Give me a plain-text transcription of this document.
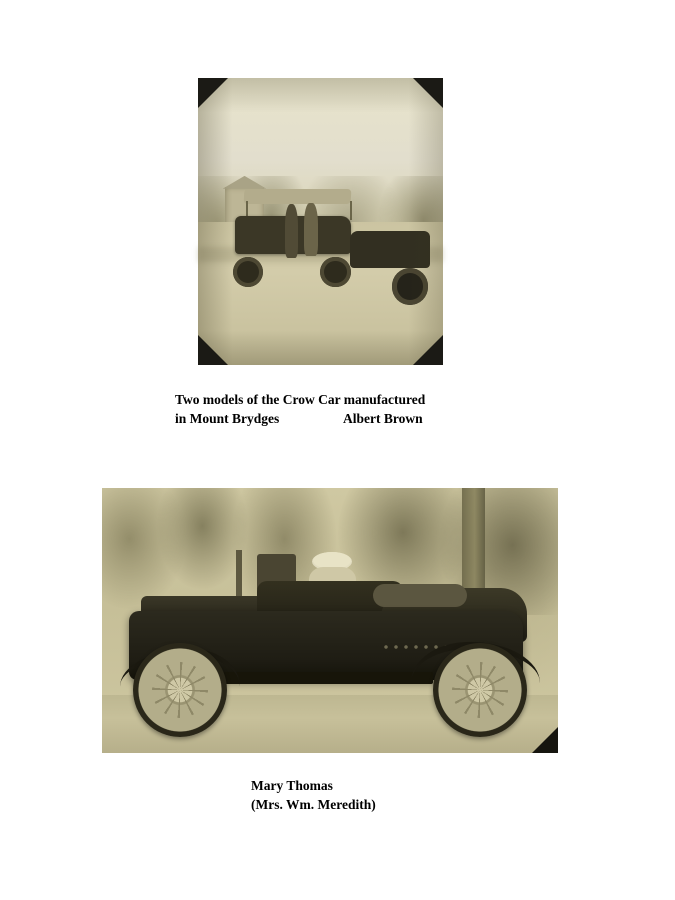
Two models of the Crow Car manufactured
in Mount Brydges	Albert Brown
Mary Thomas
(Mrs. Wm. Meredith)
